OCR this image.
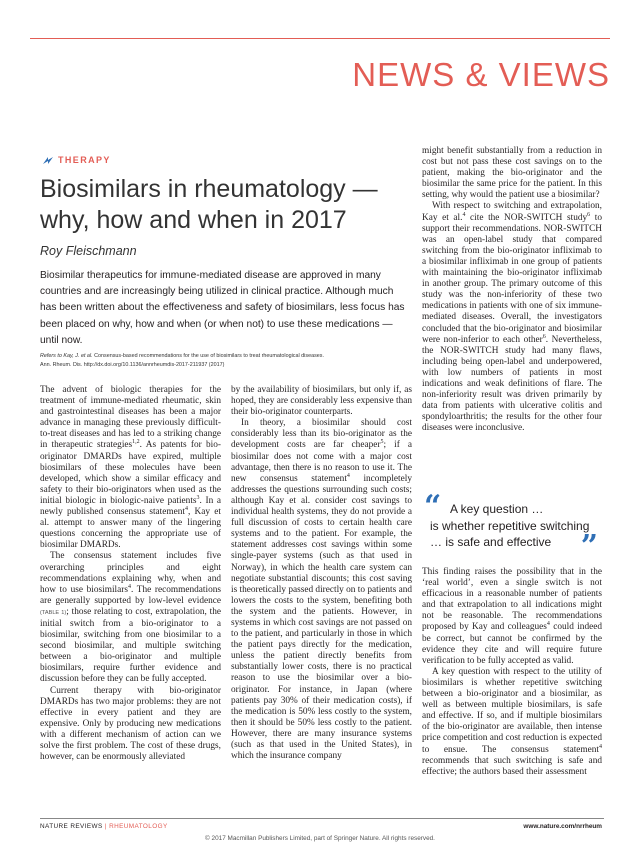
NEWS & VIEWS
THERAPY
Biosimilars in rheumatology — why, how and when in 2017
Roy Fleischmann
Biosimilar therapeutics for immune-mediated disease are approved in many countries and are increasingly being utilized in clinical practice. Although much has been written about the effectiveness and safety of biosimilars, less focus has been placed on why, how and when (or when not) to use these medications — until now.
Refers to Kay, J. et al. Consensus-based recommendations for the use of biosimilars to treat rheumatological diseases.
Ann. Rheum. Dis. http://dx.doi.org/10.1136/annrheumdis-2017-211937 (2017)

The advent of biologic therapies for the treatment of immune-mediated rheumatic, skin and gastrointestinal diseases has been a major advance in managing these previously difficult-to-treat diseases and has led to a striking change in therapeutic strategies$^{1,2}$. As patents for bio-originator DMARDs have expired, multiple biosimilars of these molecules have been developed, which show a similar efficacy and safety to their bio-originators when used as the initial biologic in biologic-naive patients$^3$. In a newly published consensus statement$^4$, Kay et al. attempt to answer many of the lingering questions concerning the appropriate use of biosimilar DMARDs.

The consensus statement includes five overarching principles and eight recommendations explaining why, when and how to use biosimilars$^4$. The recommendations are generally supported by low-level evidence (TABLE 1); those relating to cost, extrapolation, the initial switch from a bio-originator to a biosimilar, switching from one biosimilar to a second biosimilar, and multiple switching between a bio-originator and multiple biosimilars, require further evidence and discussion before they can be fully accepted.

Current therapy with bio-originator DMARDs has two major problems: they are not effective in every patient and they are expensive. Only by producing new medications with a different mechanism of action can we solve the first problem. The cost of these drugs, however, can be enormously alleviated

by the availability of biosimilars, but only if, as hoped, they are considerably less expensive than their bio-originator counterparts.

In theory, a biosimilar should cost considerably less than its bio-originator as the development costs are far cheaper$^5$; if a biosimilar does not come with a major cost advantage, then there is no reason to use it. The new consensus statement$^4$ incompletely addresses the questions surrounding such costs; although Kay et al. consider cost savings to individual health systems, they do not provide a full discussion of costs to certain health care systems and to the patient. For example, the statement addresses cost savings within some single-payer systems (such as that used in Norway), in which the health care system can negotiate substantial discounts; this cost saving is theoretically passed directly on to patients and lowers the costs to the system, benefiting both the system and the patients. However, in systems in which cost savings are not passed on to the patient, and particularly in those in which the patient pays directly for the medication, unless the patient directly benefits from substantially lower costs, there is no practical reason to use the biosimilar over a bio-originator. For instance, in Japan (where patients pay 30% of their medication costs), if the medication is 50% less costly to the system, then it should be 50% less costly to the patient. However, there are many insurance systems (such as that used in the United States), in which the insurance company

might benefit substantially from a reduction in cost but not pass these cost savings on to the patient, making the bio-originator and the biosimilar the same price for the patient. In this setting, why would the patient use a biosimilar?

With respect to switching and extrapolation, Kay et al.$^4$ cite the NOR-SWITCH study$^6$ to support their recommendations. NOR-SWITCH was an open-label study that compared switching from the bio-originator infliximab to a biosimilar infliximab in one group of patients with maintaining the bio-originator infliximab in another group. The primary outcome of this study was the non-inferiority of these two medications in patients with one of six immune-mediated diseases. Overall, the investigators concluded that the bio-originator and biosimilar were non-inferior to each other$^6$. Nevertheless, the NOR-SWITCH study had many flaws, including being open-label and underpowered, with low numbers of patients in most indications and weak definitions of flare. The non-inferiority result was driven primarily by data from patients with ulcerative colitis and spondyloarthritis; the results for the other four diseases were inconclusive.

This finding raises the possibility that in the ‘real world’, even a single switch is not efficacious in a reasonable number of patients and that extrapolation to all indications might not be reasonable. The recommendations proposed by Kay and colleagues$^4$ could indeed be correct, but cannot be confirmed by the evidence they cite and will require future verification to be fully accepted as valid.

A key question with respect to the utility of biosimilars is whether repetitive switching between a bio-originator and a biosimilar, as well as between multiple biosimilars, is safe and effective. If so, and if multiple biosimilars of the bio-originator are available, then intense price competition and cost reduction is expected to ensue. The consensus statement$^4$ recommends that such switching is safe and effective; the authors based their assessment

“ A key question …
is whether repetitive switching
… is safe and effective ”
NATURE REVIEWS | RHEUMATOLOGY	www.nature.com/nrrheum
© 2017 Macmillan Publishers Limited, part of Springer Nature. All rights reserved.
